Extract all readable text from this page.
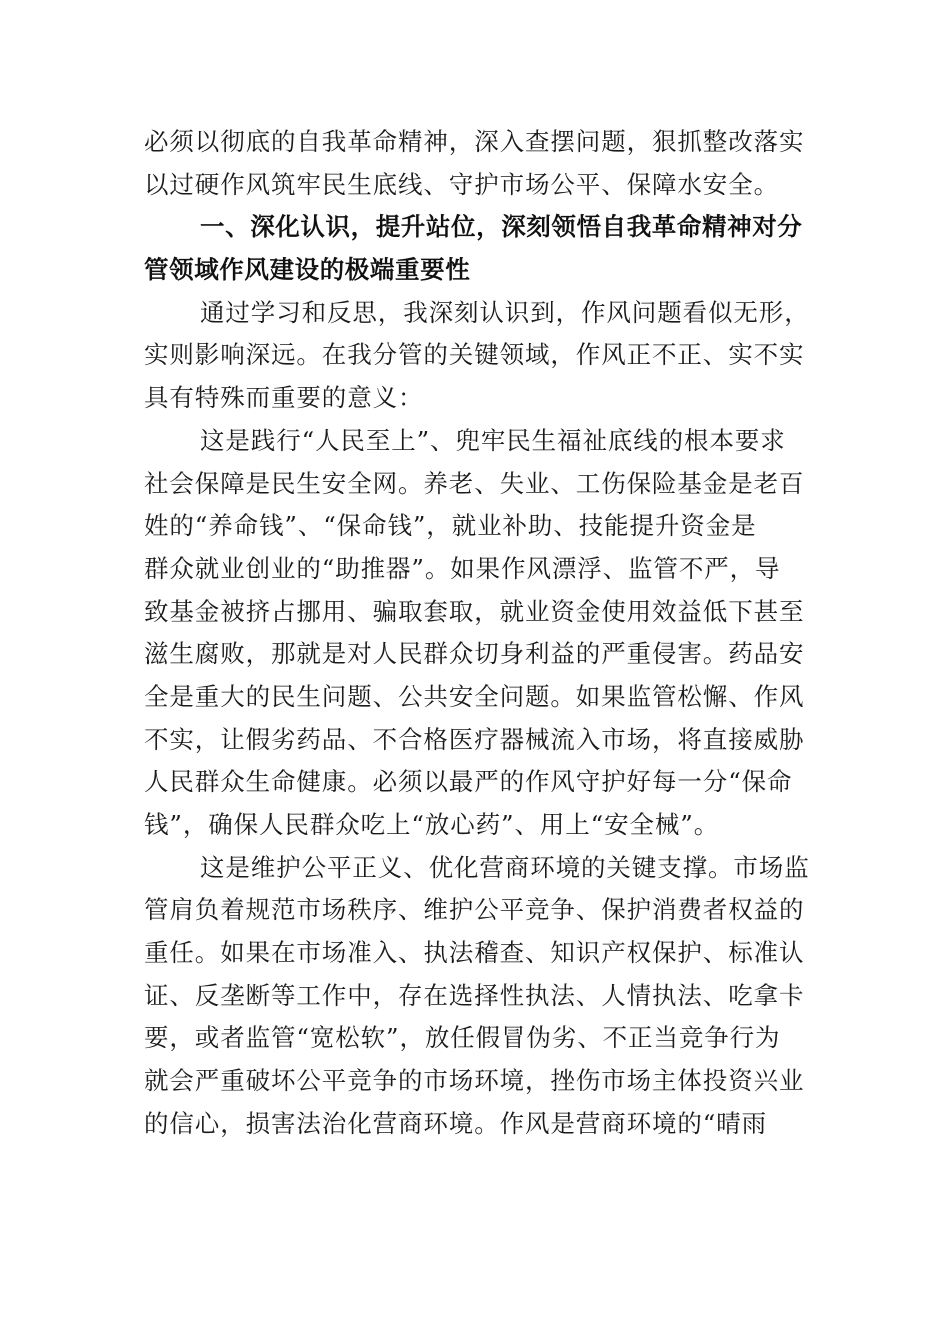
必须以彻底的自我革命精神，深入查摆问题，狠抓整改落实
以过硬作风筑牢民生底线、守护市场公平、保障水安全。
一、深化认识，提升站位，深刻领悟自我革命精神对分
管领域作风建设的极端重要性
通过学习和反思，我深刻认识到，作风问题看似无形，
实则影响深远。在我分管的关键领域，作风正不正、实不实
具有特殊而重要的意义：
这是践行“人民至上”、兜牢民生福祉底线的根本要求
社会保障是民生安全网。养老、失业、工伤保险基金是老百
姓的“养命钱”、“保命钱”，就业补助、技能提升资金是
群众就业创业的“助推器”。如果作风漂浮、监管不严，导
致基金被挤占挪用、骗取套取，就业资金使用效益低下甚至
滋生腐败，那就是对人民群众切身利益的严重侵害。药品安
全是重大的民生问题、公共安全问题。如果监管松懈、作风
不实，让假劣药品、不合格医疗器械流入市场，将直接威胁
人民群众生命健康。必须以最严的作风守护好每一分“保命
钱”，确保人民群众吃上“放心药”、用上“安全械”。
这是维护公平正义、优化营商环境的关键支撑。市场监
管肩负着规范市场秩序、维护公平竞争、保护消费者权益的
重任。如果在市场准入、执法稽查、知识产权保护、标准认
证、反垄断等工作中，存在选择性执法、人情执法、吃拿卡
要，或者监管“宽松软”，放任假冒伪劣、不正当竞争行为
就会严重破坏公平竞争的市场环境，挫伤市场主体投资兴业
的信心，损害法治化营商环境。作风是营商环境的“晴雨
